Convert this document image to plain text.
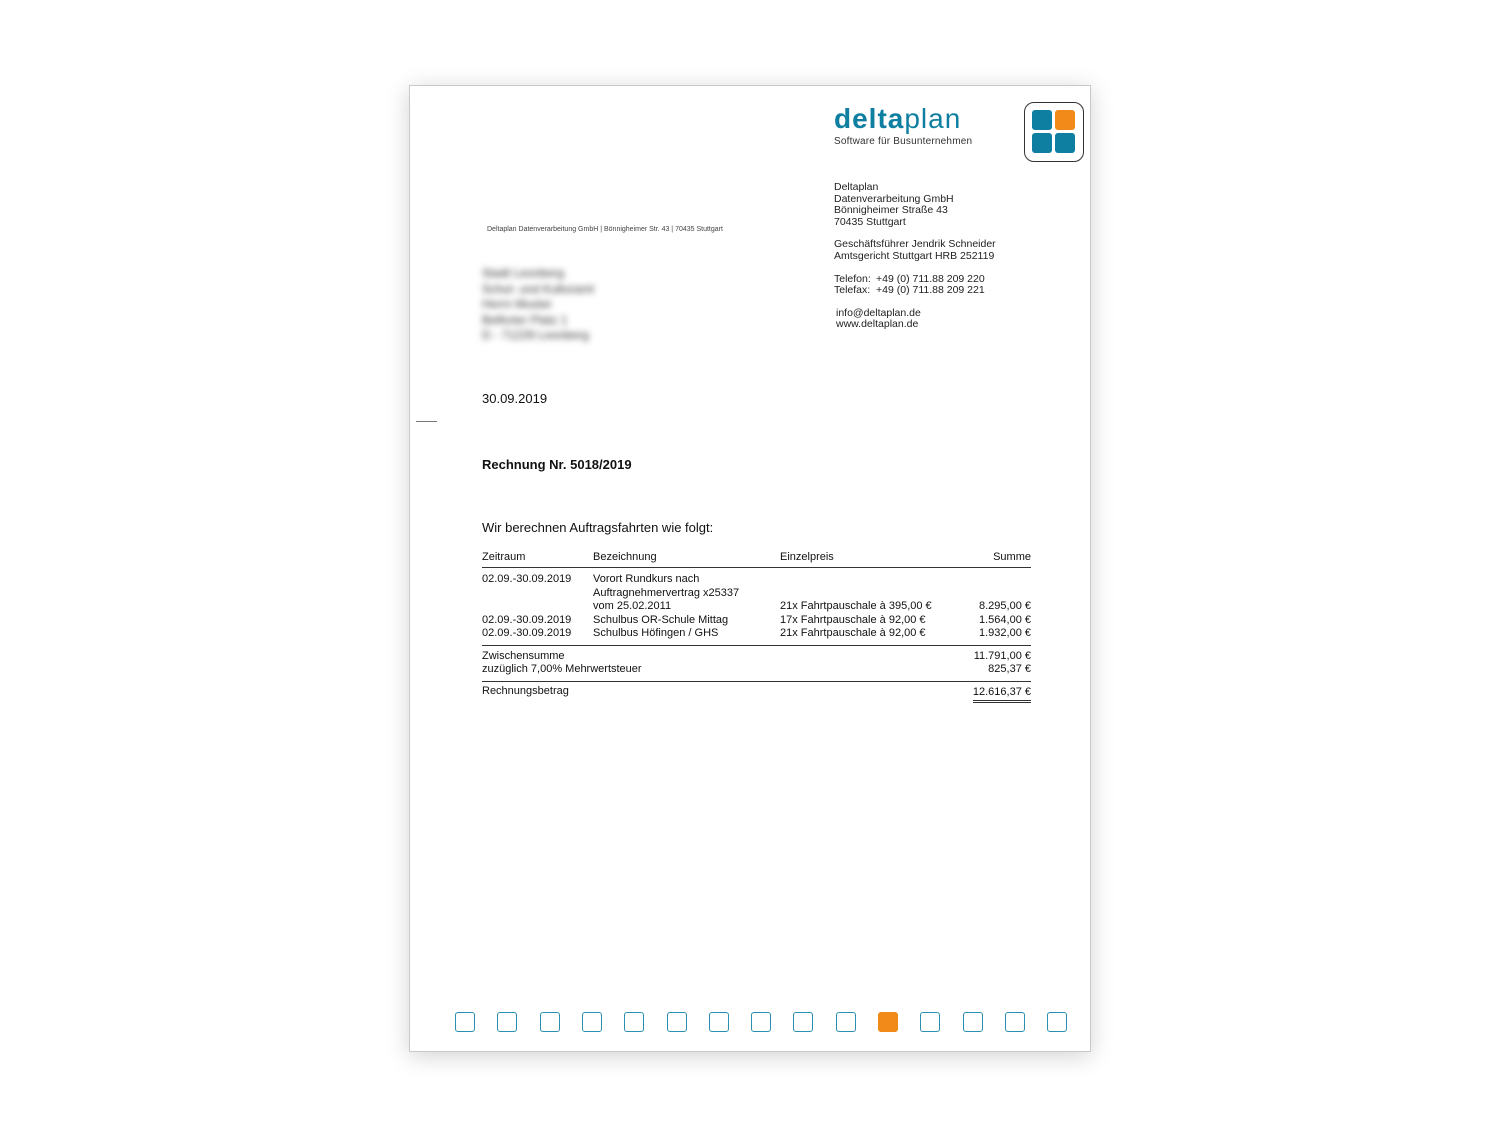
deltaplan
Software für Busunternehmen
Deltaplan
Datenverarbeitung GmbH
Bönnigheimer Straße 43
70435 Stuttgart
Geschäftsführer Jendrik Schneider
Amtsgericht Stuttgart HRB 252119
Telefon: +49 (0) 711.88 209 220
Telefax: +49 (0) 711.88 209 221
info@deltaplan.de
www.deltaplan.de
Deltaplan Datenverarbeitung GmbH | Bönnigheimer Str. 43 | 70435 Stuttgart
Stadt Leonberg
Schul- und Kulturamt
Herrn Muster
Belforter Platz 1
D - 71229 Leonberg
30.09.2019
Rechnung Nr. 5018/2019
Wir berechnen Auftragsfahrten wie folgt:
Zeitraum	Bezeichnung	Einzelpreis	Summe
02.09.-30.09.2019 Vorort Rundkurs nach
Auftragnehmervertrag x25337
vom 25.02.2011	21x Fahrtpauschale à 395,00 €	8.295,00 €
02.09.-30.09.2019 Schulbus OR-Schule Mittag	17x Fahrtpauschale à 92,00 €	1.564,00 €
02.09.-30.09.2019 Schulbus Höfingen / GHS	21x Fahrtpauschale à 92,00 €	1.932,00 €
Zwischensumme	11.791,00 €
zuzüglich 7,00% Mehrwertsteuer	825,37 €
Rechnungsbetrag	12.616,37 €
